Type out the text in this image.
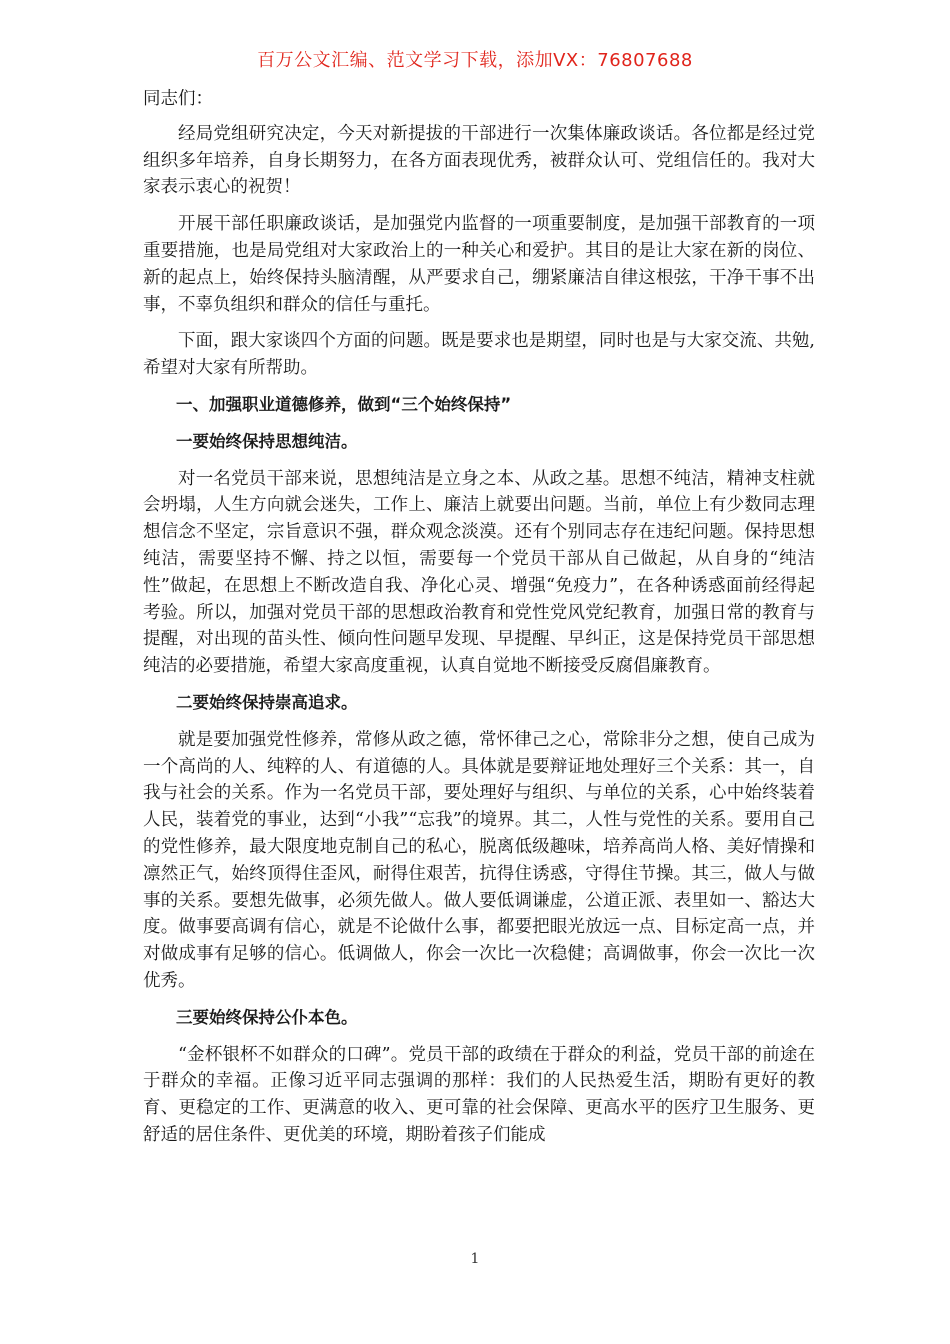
百万公文汇编、范文学习下载，添加VX：76807688

同志们：

经局党组研究决定，今天对新提拔的干部进行一次集体廉政谈话。各位都是经过党组织多年培养，自身长期努力，在各方面表现优秀，被群众认可、党组信任的。我对大家表示衷心的祝贺！

开展干部任职廉政谈话，是加强党内监督的一项重要制度，是加强干部教育的一项重要措施，也是局党组对大家政治上的一种关心和爱护。其目的是让大家在新的岗位、新的起点上，始终保持头脑清醒，从严要求自己，绷紧廉洁自律这根弦，干净干事不出事，不辜负组织和群众的信任与重托。

下面，跟大家谈四个方面的问题。既是要求也是期望，同时也是与大家交流、共勉,希望对大家有所帮助。

一、加强职业道德修养，做到“三个始终保持”

一要始终保持思想纯洁。

对一名党员干部来说，思想纯洁是立身之本、从政之基。思想不纯洁，精神支柱就会坍塌，人生方向就会迷失，工作上、廉洁上就要出问题。当前，单位上有少数同志理想信念不坚定，宗旨意识不强，群众观念淡漠。还有个别同志存在违纪问题。保持思想纯洁，需要坚持不懈、持之以恒，需要每一个党员干部从自己做起，从自身的“纯洁性”做起，在思想上不断改造自我、净化心灵、增强“免疫力”，在各种诱惑面前经得起考验。所以，加强对党员干部的思想政治教育和党性党风党纪教育，加强日常的教育与提醒，对出现的苗头性、倾向性问题早发现、早提醒、早纠正，这是保持党员干部思想纯洁的必要措施，希望大家高度重视，认真自觉地不断接受反腐倡廉教育。

二要始终保持崇高追求。

就是要加强党性修养，常修从政之德，常怀律己之心，常除非分之想，使自己成为一个高尚的人、纯粹的人、有道德的人。具体就是要辩证地处理好三个关系：其一，自我与社会的关系。作为一名党员干部，要处理好与组织、与单位的关系，心中始终装着人民，装着党的事业，达到“小我”“忘我”的境界。其二，人性与党性的关系。要用自己的党性修养，最大限度地克制自己的私心，脱离低级趣味，培养高尚人格、美好情操和凛然正气，始终顶得住歪风，耐得住艰苦，抗得住诱惑，守得住节操。其三，做人与做事的关系。要想先做事，必须先做人。做人要低调谦虚，公道正派、表里如一、豁达大度。做事要高调有信心，就是不论做什么事，都要把眼光放远一点、目标定高一点，并对做成事有足够的信心。低调做人，你会一次比一次稳健；高调做事，你会一次比一次优秀。

三要始终保持公仆本色。

“金杯银杯不如群众的口碑”。党员干部的政绩在于群众的利益，党员干部的前途在于群众的幸福。正像习近平同志强调的那样：我们的人民热爱生活，期盼有更好的教育、更稳定的工作、更满意的收入、更可靠的社会保障、更高水平的医疗卫生服务、更舒适的居住条件、更优美的环境，期盼着孩子们能成

1
